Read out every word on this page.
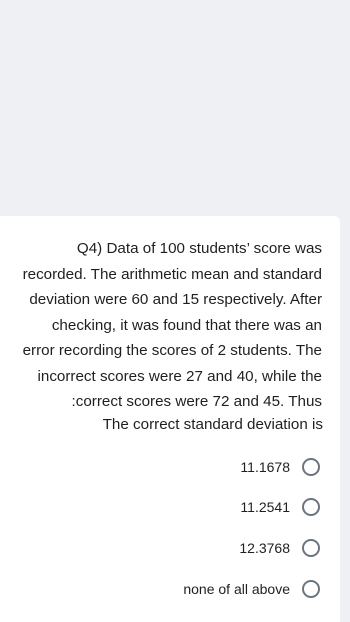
Q4) Data of 100 students’ score was
recorded. The arithmetic mean and standard
deviation were 60 and 15 respectively. After
checking, it was found that there was an
error recording the scores of 2 students. The
incorrect scores were 27 and 40, while the
:correct scores were 72 and 45. Thus
The correct standard deviation is
11.1678
11.2541
12.3768
none of all above
